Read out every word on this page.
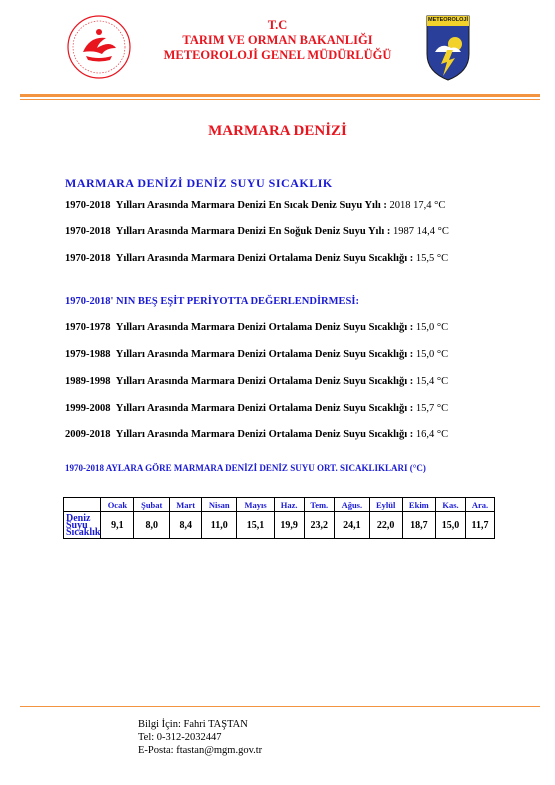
METEOROLOJİ
T.C
TARIM VE ORMAN BAKANLIĞI
METEOROLOJİ GENEL MÜDÜRLÜĞÜ
MARMARA DENİZİ
MARMARA DENİZİ DENİZ SUYU SICAKLIK
1970-2018 Yılları Arasında Marmara Denizi En Sıcak Deniz Suyu Yılı : 2018 17,4 °C
1970-2018 Yılları Arasında Marmara Denizi En Soğuk Deniz Suyu Yılı : 1987 14,4 °C
1970-2018 Yılları Arasında Marmara Denizi Ortalama Deniz Suyu Sıcaklığı : 15,5 °C
1970-2018' NIN BEŞ EŞİT PERİYOTTA DEĞERLENDİRMESİ:
1970-1978 Yılları Arasında Marmara Denizi Ortalama Deniz Suyu Sıcaklığı : 15,0 °C
1979-1988 Yılları Arasında Marmara Denizi Ortalama Deniz Suyu Sıcaklığı : 15,0 °C
1989-1998 Yılları Arasında Marmara Denizi Ortalama Deniz Suyu Sıcaklığı : 15,4 °C
1999-2008 Yılları Arasında Marmara Denizi Ortalama Deniz Suyu Sıcaklığı : 15,7 °C
2009-2018 Yılları Arasında Marmara Denizi Ortalama Deniz Suyu Sıcaklığı : 16,4 °C
1970-2018 AYLARA GÖRE MARMARA DENİZİ DENİZ SUYU ORT. SICAKLIKLARI (°C)
	Ocak	Şubat	Mart	Nisan	Mayıs	Haz.	Tem.	Ağus.	Eylül	Ekim	Kas.	Ara.
Deniz Suyu Sıcaklık	9,1	8,0	8,4	11,0	15,1	19,9	23,2	24,1	22,0	18,7	15,0	11,7
Bilgi İçin: Fahri TAŞTAN
Tel: 0-312-2032447
E-Posta: ftastan@mgm.gov.tr
